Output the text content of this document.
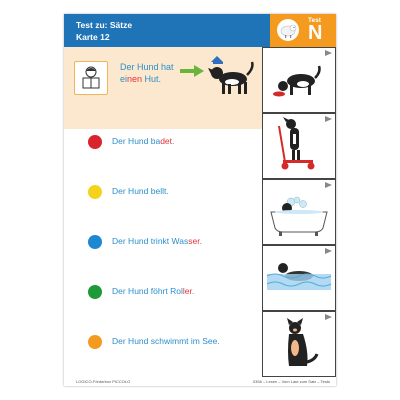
Test zu: Sätze
Karte 12
Test
N
Der Hund hat
einen Hut.
Der Hund badet.
Der Hund bellt.
Der Hund trinkt Wasser.
Der Hund föhrt Roller.
Der Hund schwimmt im See.
LOGICO-Förderbox PICCOLO	0356 – Lesen – Vom Laut zum Satz – Tests
